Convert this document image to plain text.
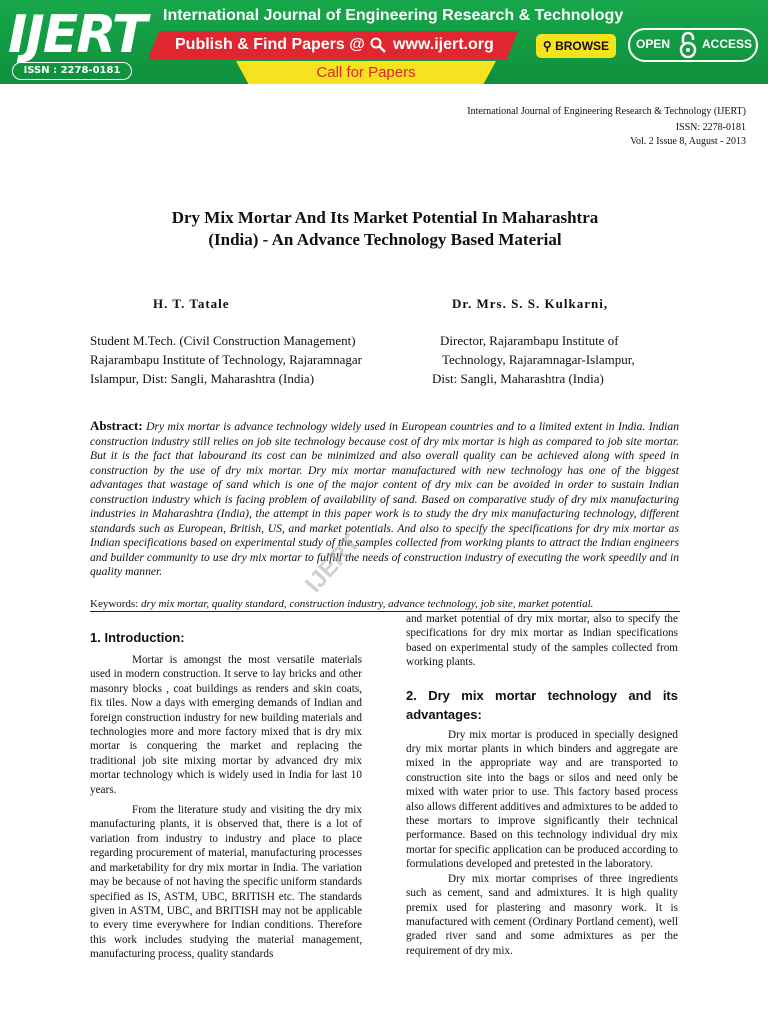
IJERT
ISSN : 2278-0181
International Journal of Engineering Research & Technology
Publish & Find Papers @ www.ijert.org	⚲ BROWSE	OPEN	ACCESS
Call for Papers
International Journal of Engineering Research & Technology (IJERT)
ISSN: 2278-0181
Vol. 2 Issue 8, August - 2013
Dry Mix Mortar And Its Market Potential In Maharashtra
(India) - An Advance Technology Based Material
H. T. Tatale	Dr. Mrs. S. S. Kulkarni,
Student M.Tech. (Civil Construction Management)
Rajarambapu Institute of Technology, Rajaramnagar
Islampur, Dist: Sangli, Maharashtra (India)
Director, Rajarambapu Institute of
Technology, Rajaramnagar-Islampur,
Dist: Sangli, Maharashtra (India)
Abstract: Dry mix mortar is advance technology widely used in European countries and to a limited extent in India. Indian construction industry still relies on job site technology because cost of dry mix mortar is high as compared to job site mortar. But it is the fact that labourand its cost can be minimized and also overall quality can be achieved along with speed in construction by the use of dry mix mortar. Dry mix mortar manufactured with new technology has one of the biggest advantages that wastage of sand which is one of the major content of dry mix can be avoided in order to sustain Indian construction industry which is facing problem of availability of sand. Based on comparative study of dry mix manufacturing industries in Maharashtra (India), the attempt in this paper work is to study the dry mix manufacturing technology, different standards such as European, British, US, and market potentials. And also to specify the specifications for dry mix mortar as Indian specifications based on experimental study of the samples collected from working plants to attract the Indian engineers and builder community to use dry mix mortar to fulfill the needs of construction industry of executing the work speedily and in quality manner.
Keywords: dry mix mortar, quality standard, construction industry, advance technology, job site, market potential.
IJERT
1. Introduction:

Mortar is amongst the most versatile materials used in modern construction. It serve to lay bricks and other masonry blocks , coat buildings as renders and skin coats, fix tiles. Now a days with emerging demands of Indian and foreign construction industry for new building materials and technologies more and more factory mixed that is dry mix mortar is conquering the market and replacing the traditional job site mixing mortar by advanced dry mix mortar technology which is widely used in India for last 10 years.

From the literature study and visiting the dry mix manufacturing plants, it is observed that, there is a lot of variation from industry to industry and place to place regarding procurement of material, manufacturing processes and marketability for dry mix mortar in India. The variation may be because of not having the specific uniform standards specified as IS, ASTM, UBC, BRITISH etc. The standards given in ASTM, UBC, and BRITISH may not be applicable to every time everywhere for Indian conditions. Therefore this work includes studying the material management, manufacturing process, quality standards

and market potential of dry mix mortar, also to specify the specifications for dry mix mortar as Indian specifications based on experimental study of the samples collected from working plants.

2. Dry mix mortar technology and its advantages:

Dry mix mortar is produced in specially designed dry mix mortar plants in which binders and aggregate are mixed in the appropriate way and are transported to construction site into the bags or silos and need only be mixed with water prior to use. This factory based process also allows different additives and admixtures to be added to these mortars to improve significantly their technical performance. Based on this technology individual dry mix mortar for specific application can be produced according to formulations developed and pretested in the laboratory.

Dry mix mortar comprises of three ingredients such as cement, sand and admixtures. It is high quality premix used for plastering and masonry work. It is manufactured with cement (Ordinary Portland cement), well graded river sand and some admixtures as per the requirement of dry mix.
